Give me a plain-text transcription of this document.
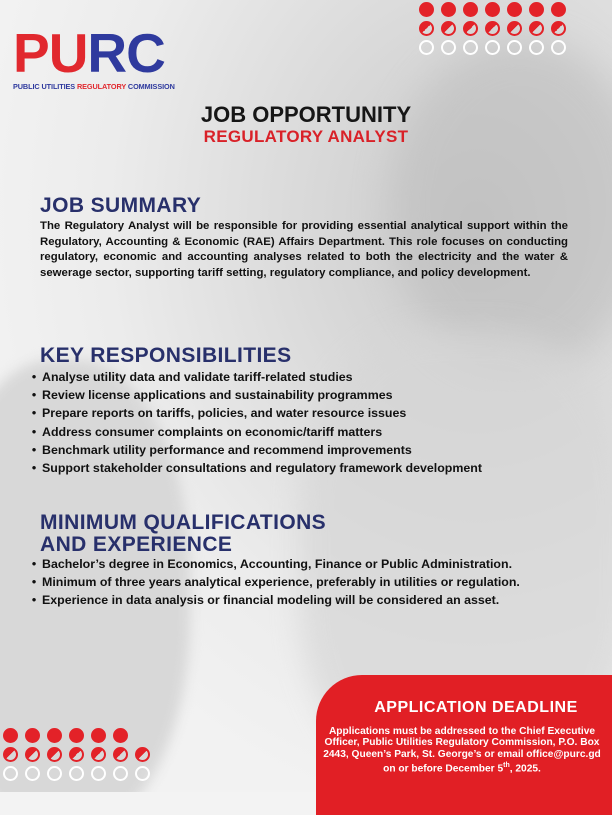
P U RC
PUBLIC UTILITIES REGULATORY COMMISSION
JOB OPPORTUNITY
REGULATORY ANALYST
JOB SUMMARY
The Regulatory Analyst will be responsible for providing essential analytical support within the Regulatory, Accounting & Economic (RAE) Affairs Department. This role focuses on conducting regulatory, economic and accounting analyses related to both the electricity and the water & sewerage sector, supporting tariff setting, regulatory compliance, and policy development.
KEY RESPONSIBILITIES
• Analyse utility data and validate tariff-related studies
• Review license applications and sustainability programmes
• Prepare reports on tariffs, policies, and water resource issues
• Address consumer complaints on economic/tariff matters
• Benchmark utility performance and recommend improvements
• Support stakeholder consultations and regulatory framework development
MINIMUM QUALIFICATIONS
AND EXPERIENCE
• Bachelor’s degree in Economics, Accounting, Finance or Public Administration.
• Minimum of three years analytical experience, preferably in utilities or regulation.
• Experience in data analysis or financial modeling will be considered an asset.
APPLICATION DEADLINE
Applications must be addressed to the Chief Executive Officer, Public Utilities Regulatory Commission, P.O. Box 2443, Queen’s Park, St. George’s or email office@purc.gd on or before December 5th, 2025.
